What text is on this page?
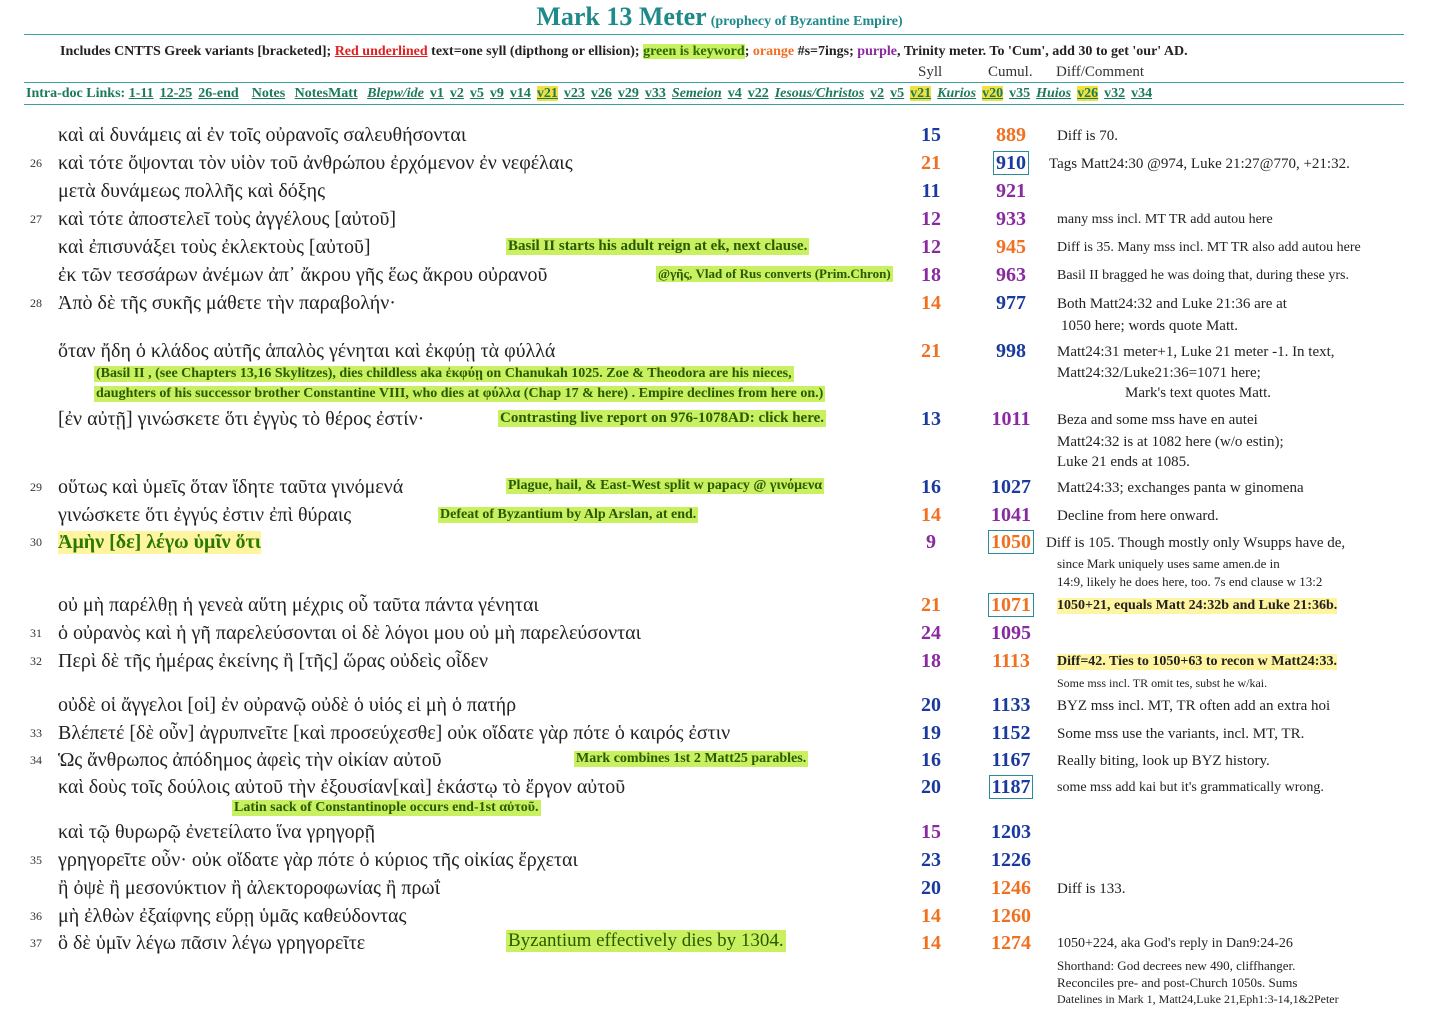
Mark 13 Meter (prophecy of Byzantine Empire)
Includes CNTTS Greek variants [bracketed]; Red underlined text=one syll (dipthong or ellision); green is keyword; orange #s=7ings; purple, Trinity meter. To 'Cum', add 30 to get 'our' AD.
Syll	Cumul. Diff/Comment
Intra-doc Links: 1-11 12-25 26-end Notes NotesMatt Blepw/ide v1 v2 v5 v9 v14 v21 v23 v26 v29 v33 Semeion v4 v22 Iesous/Christos v2 v5 v21 Kurios v20 v35 Huios v26 v32 v34
καὶ αἱ δυνάμεις αἱ ἐν τοῖς οὐρανοῖς σαλευθήσονται	15	889	Diff is 70.
26 καὶ τότε ὄψονται τὸν υἱὸν τοῦ ἀνθρώπου ἐρχόμενον ἐν νεφέλαις	21	910	Tags Matt24:30 @974, Luke 21:27@770, +21:32.
μετὰ δυνάμεως πολλῆς καὶ δόξης	11	921
27 καὶ τότε ἀποστελεῖ τοὺς ἀγγέλους [αὐτοῦ]	12	933	many mss incl. MT TR add autou here
καὶ ἐπισυνάξει τοὺς ἐκλεκτοὺς [αὐτοῦ]	12	945	Diff is 35. Many mss incl. MT TR also add autou here
ἐκ τῶν τεσσάρων ἀνέμων ἀπ᾽ ἄκρου γῆς ἕως ἄκρου οὐρανοῦ	18	963	Basil II bragged he was doing that, during these yrs.
28 Ἀπὸ δὲ τῆς συκῆς μάθετε τὴν παραβολήν·	14	977	Both Matt24:32 and Luke 21:36 are at
ὅταν ἤδη ὁ κλάδος αὐτῆς ἁπαλὸς γένηται καὶ ἐκφύῃ τὰ φύλλά	21	998	Matt24:31 meter+1, Luke 21 meter -1. In text,
[ἐν αὐτῇ] γινώσκετε ὅτι ἐγγὺς τὸ θέρος ἐστίν·	13	1011	Beza and some mss have en autei
29 οὕτως καὶ ὑμεῖς ὅταν ἴδητε ταῦτα γινόμενά	16	1027	Matt24:33; exchanges panta w ginomena
γινώσκετε ὅτι ἐγγύς ἐστιν ἐπὶ θύραις	14	1041	Decline from here onward.
30 Ἀμὴν [δε] λέγω ὑμῖν ὅτι	9	1050	Diff is 105. Though mostly only Wsupps have de,
οὐ μὴ παρέλθῃ ἡ γενεὰ αὕτη μέχρις οὗ ταῦτα πάντα γένηται	21	1071	1050+21, equals Matt 24:32b and Luke 21:36b.
31 ὁ οὐρανὸς καὶ ἡ γῆ παρελεύσονται οἱ δὲ λόγοι μου οὐ μὴ παρελεύσονται	24	1095
32 Περὶ δὲ τῆς ἡμέρας ἐκείνης ἢ [τῆς] ὥρας οὐδεὶς οἶδεν	18	1113	Diff=42. Ties to 1050+63 to recon w Matt24:33.
οὐδὲ οἱ ἄγγελοι [οἱ] ἐν οὐρανῷ οὐδὲ ὁ υἱός εἰ μὴ ὁ πατήρ	20	1133	BYZ mss incl. MT, TR often add an extra hoi
33 Βλέπετέ [δὲ οὖν] ἀγρυπνεῖτε [καὶ προσεύχεσθε] οὐκ οἴδατε γὰρ πότε ὁ καιρός ἐστιν	19	1152	Some mss use the variants, incl. MT, TR.
34 Ὡς ἄνθρωπος ἀπόδημος ἀφεὶς τὴν οἰκίαν αὐτοῦ	16	1167	Really biting, look up BYZ history.
καὶ δοὺς τοῖς δούλοις αὐτοῦ τὴν ἐξουσίαν[καὶ] ἑκάστῳ τὸ ἔργον αὐτοῦ	20	1187	some mss add kai but it's grammatically wrong.
καὶ τῷ θυρωρῷ ἐνετείλατο ἵνα γρηγορῇ	15	1203
35 γρηγορεῖτε οὖν· οὐκ οἴδατε γὰρ πότε ὁ κύριος τῆς οἰκίας ἔρχεται	23	1226
ἢ ὀψὲ ἢ μεσονύκτιον ἢ ἀλεκτοροφωνίας ἢ πρωΐ	20	1246	Diff is 133.
36 μὴ ἐλθὼν ἐξαίφνης εὕρῃ ὑμᾶς καθεύδοντας	14	1260
37 ὃ δὲ ὑμῖν λέγω πᾶσιν λέγω γρηγορεῖτε	14	1274	1050+224, aka God's reply in Dan9:24-26
Basil II starts his adult reign at ek, next clause.
@γῆς, Vlad of Rus converts (Prim.Chron)
(Basil II , (see Chapters 13,16 Skylitzes), dies childless aka ἐκφύῃ on Chanukah 1025. Zoe & Theodora are his nieces,
daughters of his successor brother Constantine VIII, who dies at φύλλα (Chap 17 & here) . Empire declines from here on.)
Contrasting live report on 976-1078AD: click here.
Plague, hail, & East-West split w papacy @ γινόμενα
Defeat of Byzantium by Alp Arslan, at end.
Mark combines 1st 2 Matt25 parables.
Latin sack of Constantinople occurs end-1st αὐτοῦ.
Byzantium effectively dies by 1304.
1050 here; words quote Matt.
Matt24:32/Luke21:36=1071 here;
Mark's text quotes Matt.
Matt24:32 is at 1082 here (w/o estin);
Luke 21 ends at 1085.
since Mark uniquely uses same amen.de in
14:9, likely he does here, too. 7s end clause w 13:2
Some mss incl. TR omit tes, subst he w/kai.
Shorthand: God decrees new 490, cliffhanger.
Reconciles pre- and post-Church 1050s. Sums
Datelines in Mark 1, Matt24,Luke 21,Eph1:3-14,1&2Peter
